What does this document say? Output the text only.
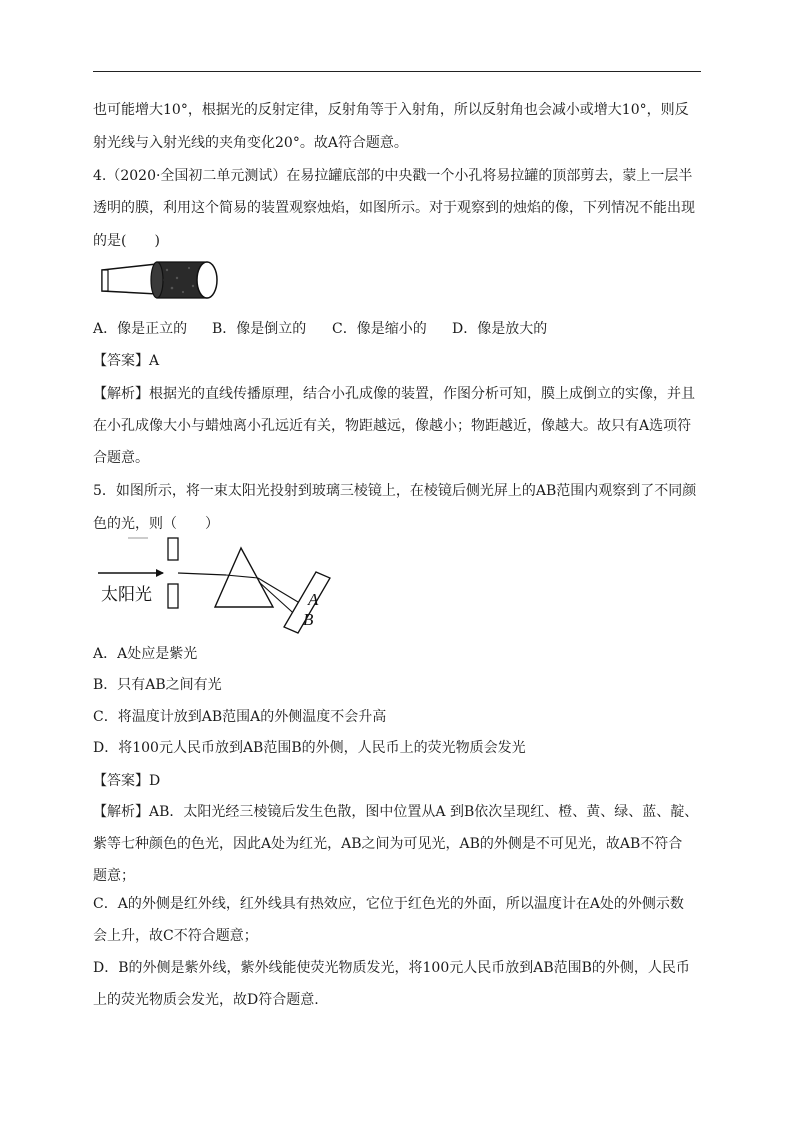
也可能增大10°，根据光的反射定律，反射角等于入射角，所以反射角也会减小或增大10°，则反
射光线与入射光线的夹角变化20°。故A符合题意。
4.（2020·全国初二单元测试）在易拉罐底部的中央戳一个小孔将易拉罐的顶部剪去，蒙上一层半
透明的膜，利用这个简易的装置观察烛焰，如图所示。对于观察到的烛焰的像，下列情况不能出现
的是(　　)
A．像是正立的 B．像是倒立的 C．像是缩小的 D．像是放大的
【答案】A
【解析】根据光的直线传播原理，结合小孔成像的装置，作图分析可知，膜上成倒立的实像，并且
在小孔成像大小与蜡烛离小孔远近有关，物距越远，像越小；物距越近，像越大。故只有A选项符
合题意。
5．如图所示，将一束太阳光投射到玻璃三棱镜上，在棱镜后侧光屏上的AB范围内观察到了不同颜
色的光，则（　　）
太阳光	A
B
A．A处应是紫光
B．只有AB之间有光
C．将温度计放到AB范围A的外侧温度不会升高
D．将100元人民币放到AB范围B的外侧，人民币上的荧光物质会发光
【答案】D
【解析】AB．太阳光经三棱镜后发生色散，图中位置从A 到B依次呈现红、橙、黄、绿、蓝、靛、
紫等七种颜色的色光，因此A处为红光，AB之间为可见光，AB的外侧是不可见光，故AB不符合
题意；
C．A的外侧是红外线，红外线具有热效应，它位于红色光的外面，所以温度计在A处的外侧示数
会上升，故C不符合题意；
D．B的外侧是紫外线，紫外线能使荧光物质发光，将100元人民币放到AB范围B的外侧，人民币
上的荧光物质会发光，故D符合题意.
